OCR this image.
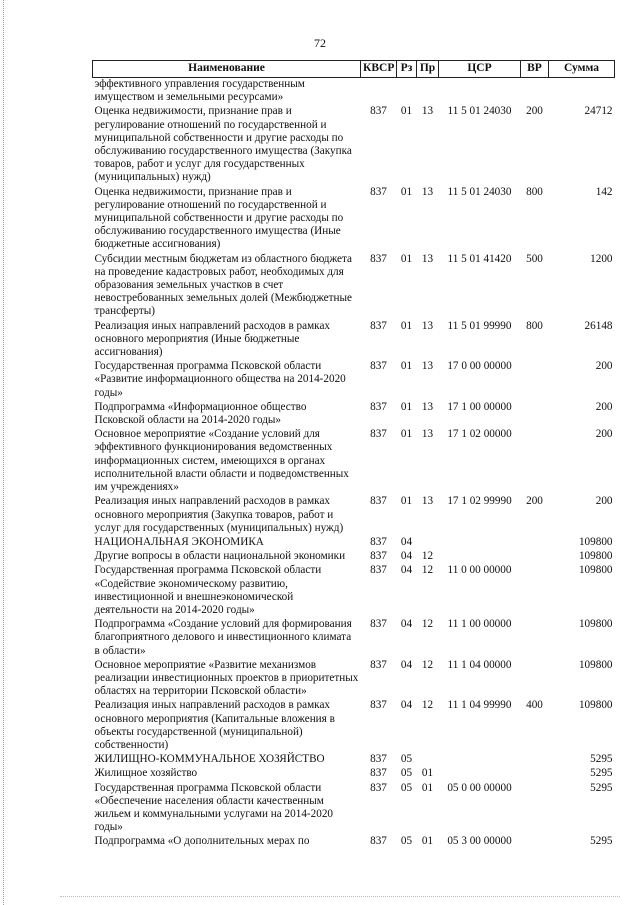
72
Наименование	КВСР	Рз	Пр	ЦСР	ВР	Сумма
эффективного управления государственным имуществом и земельными ресурсами»						
Оценка недвижимости, признание прав и регулирование отношений по государственной и муниципальной собственности и другие расходы по обслуживанию государственного имущества (Закупка товаров, работ и услуг для государственных (муниципальных) нужд)	837	01	13	11 5 01 24030	200	24712
Оценка недвижимости, признание прав и регулирование отношений по государственной и муниципальной собственности и другие расходы по обслуживанию государственного имущества (Иные бюджетные ассигнования)	837	01	13	11 5 01 24030	800	142
Субсидии местным бюджетам из областного бюджета на проведение кадастровых работ, необходимых для образования земельных участков в счет невостребованных земельных долей (Межбюджетные трансферты)	837	01	13	11 5 01 41420	500	1200
Реализация иных направлений расходов в рамках основного мероприятия (Иные бюджетные ассигнования)	837	01	13	11 5 01 99990	800	26148
Государственная программа Псковской области «Развитие информационного общества на 2014-2020 годы»	837	01	13	17 0 00 00000		200
Подпрограмма «Информационное общество Псковской области на 2014-2020 годы»	837	01	13	17 1 00 00000		200
Основное мероприятие «Создание условий для эффективного функционирования ведомственных информационных систем, имеющихся в органах исполнительной власти области и подведомственных им учреждениях»	837	01	13	17 1 02 00000		200
Реализация иных направлений расходов в рамках основного мероприятия (Закупка товаров, работ и услуг для государственных (муниципальных) нужд)	837	01	13	17 1 02 99990	200	200
НАЦИОНАЛЬНАЯ ЭКОНОМИКА	837	04				109800
Другие вопросы в области национальной экономики	837	04	12			109800
Государственная программа Псковской области «Содействие экономическому развитию, инвестиционной и внешнеэкономической деятельности на 2014-2020 годы»	837	04	12	11 0 00 00000		109800
Подпрограмма «Создание условий для формирования благоприятного делового и инвестиционного климата в области»	837	04	12	11 1 00 00000		109800
Основное мероприятие «Развитие механизмов реализации инвестиционных проектов в приоритетных областях на территории Псковской области»	837	04	12	11 1 04 00000		109800
Реализация иных направлений расходов в рамках основного мероприятия (Капитальные вложения в объекты государственной (муниципальной) собственности)	837	04	12	11 1 04 99990	400	109800
ЖИЛИЩНО-КОММУНАЛЬНОЕ ХОЗЯЙСТВО	837	05				5295
Жилищное хозяйство	837	05	01			5295
Государственная программа Псковской области «Обеспечение населения области качественным жильем и коммунальными услугами на 2014-2020 годы»	837	05	01	05 0 00 00000		5295
Подпрограмма «О дополнительных мерах по	837	05	01	05 3 00 00000		5295
